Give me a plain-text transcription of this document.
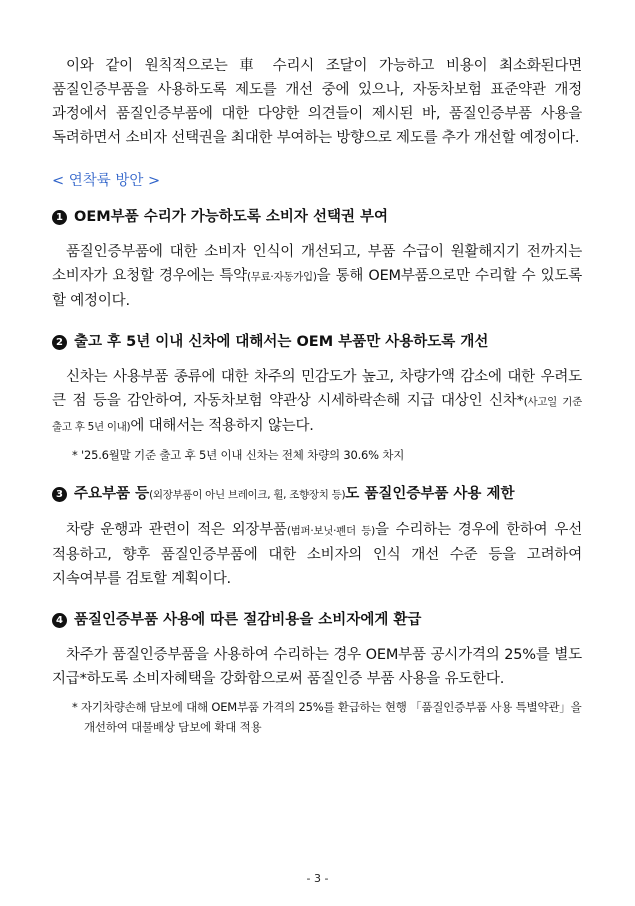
이와 같이 원칙적으로는 車 수리시 조달이 가능하고 비용이 최소화된다면 품질인증부품을 사용하도록 제도를 개선 중에 있으나, 자동차보험 표준약관 개정 과정에서 품질인증부품에 대한 다양한 의견들이 제시된 바, 품질인증부품 사용을 독려하면서 소비자 선택권을 최대한 부여하는 방향으로 제도를 추가 개선할 예정이다.

< 연착륙 방안 >
1 OEM부품 수리가 가능하도록 소비자 선택권 부여

품질인증부품에 대한 소비자 인식이 개선되고, 부품 수급이 원활해지기 전까지는 소비자가 요청할 경우에는 특약(무료·자동가입)을 통해 OEM부품으로만 수리할 수 있도록 할 예정이다.

2 출고 후 5년 이내 신차에 대해서는 OEM 부품만 사용하도록 개선

신차는 사용부품 종류에 대한 차주의 민감도가 높고, 차량가액 감소에 대한 우려도 큰 점 등을 감안하여, 자동차보험 약관상 시세하락손해 지급 대상인 신차*(사고일 기준 출고 후 5년 이내)에 대해서는 적용하지 않는다.

* '25.6월말 기준 출고 후 5년 이내 신차는 전체 차량의 30.6% 차지
3 주요부품 등(외장부품이 아닌 브레이크, 휠, 조향장치 등)도 품질인증부품 사용 제한

차량 운행과 관련이 적은 외장부품(범퍼·보닛·펜더 등)을 수리하는 경우에 한하여 우선 적용하고, 향후 품질인증부품에 대한 소비자의 인식 개선 수준 등을 고려하여 지속여부를 검토할 계획이다.

4 품질인증부품 사용에 따른 절감비용을 소비자에게 환급

차주가 품질인증부품을 사용하여 수리하는 경우 OEM부품 공시가격의 25%를 별도 지급*하도록 소비자혜택을 강화함으로써 품질인증 부품 사용을 유도한다.

* 자기차량손해 담보에 대해 OEM부품 가격의 25%를 환급하는 현행 「품질인증부품 사용 특별약관」을 개선하여 대물배상 담보에 확대 적용
- 3 -
